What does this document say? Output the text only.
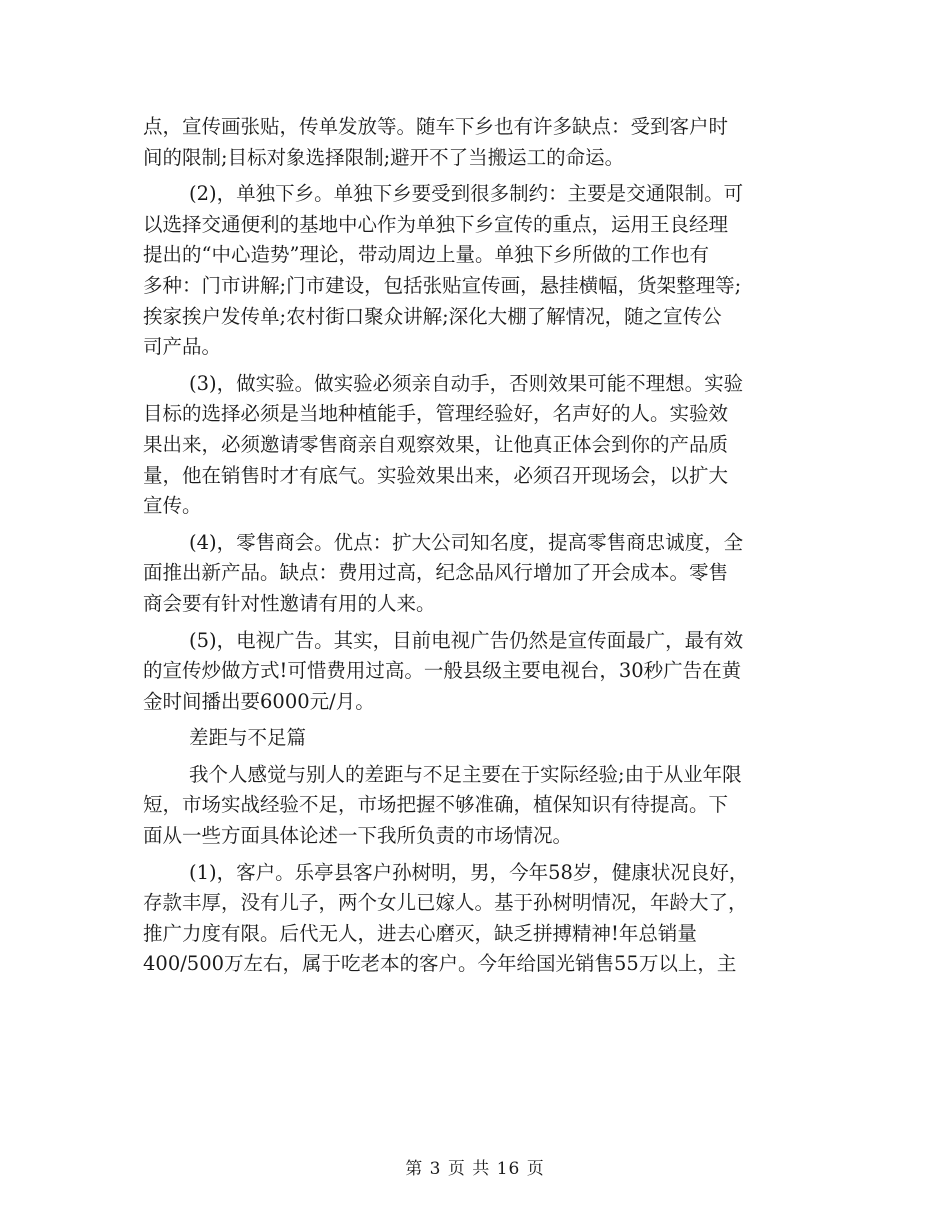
点，宣传画张贴，传单发放等。随车下乡也有许多缺点：受到客户时
间的限制;目标对象选择限制;避开不了当搬运工的命运。
(2)，单独下乡。单独下乡要受到很多制约：主要是交通限制。可
以选择交通便利的基地中心作为单独下乡宣传的重点，运用王良经理
提出的“中心造势”理论，带动周边上量。单独下乡所做的工作也有
多种：门市讲解;门市建设，包括张贴宣传画，悬挂横幅，货架整理等;
挨家挨户发传单;农村街口聚众讲解;深化大棚了解情况，随之宣传公
司产品。
(3)，做实验。做实验必须亲自动手，否则效果可能不理想。实验
目标的选择必须是当地种植能手，管理经验好，名声好的人。实验效
果出来，必须邀请零售商亲自观察效果，让他真正体会到你的产品质
量，他在销售时才有底气。实验效果出来，必须召开现场会，以扩大
宣传。
(4)，零售商会。优点：扩大公司知名度，提高零售商忠诚度，全
面推出新产品。缺点：费用过高，纪念品风行增加了开会成本。零售
商会要有针对性邀请有用的人来。
(5)，电视广告。其实，目前电视广告仍然是宣传面最广，最有效
的宣传炒做方式!可惜费用过高。一般县级主要电视台，30秒广告在黄
金时间播出要6000元/月。
差距与不足篇
我个人感觉与别人的差距与不足主要在于实际经验;由于从业年限
短，市场实战经验不足，市场把握不够准确，植保知识有待提高。下
面从一些方面具体论述一下我所负责的市场情况。
(1)，客户。乐亭县客户孙树明，男，今年58岁，健康状况良好，
存款丰厚，没有儿子，两个女儿已嫁人。基于孙树明情况，年龄大了，
推广力度有限。后代无人，进去心磨灭，缺乏拼搏精神!年总销量
400/500万左右，属于吃老本的客户。今年给国光销售55万以上，主
第 3 页 共 16 页
